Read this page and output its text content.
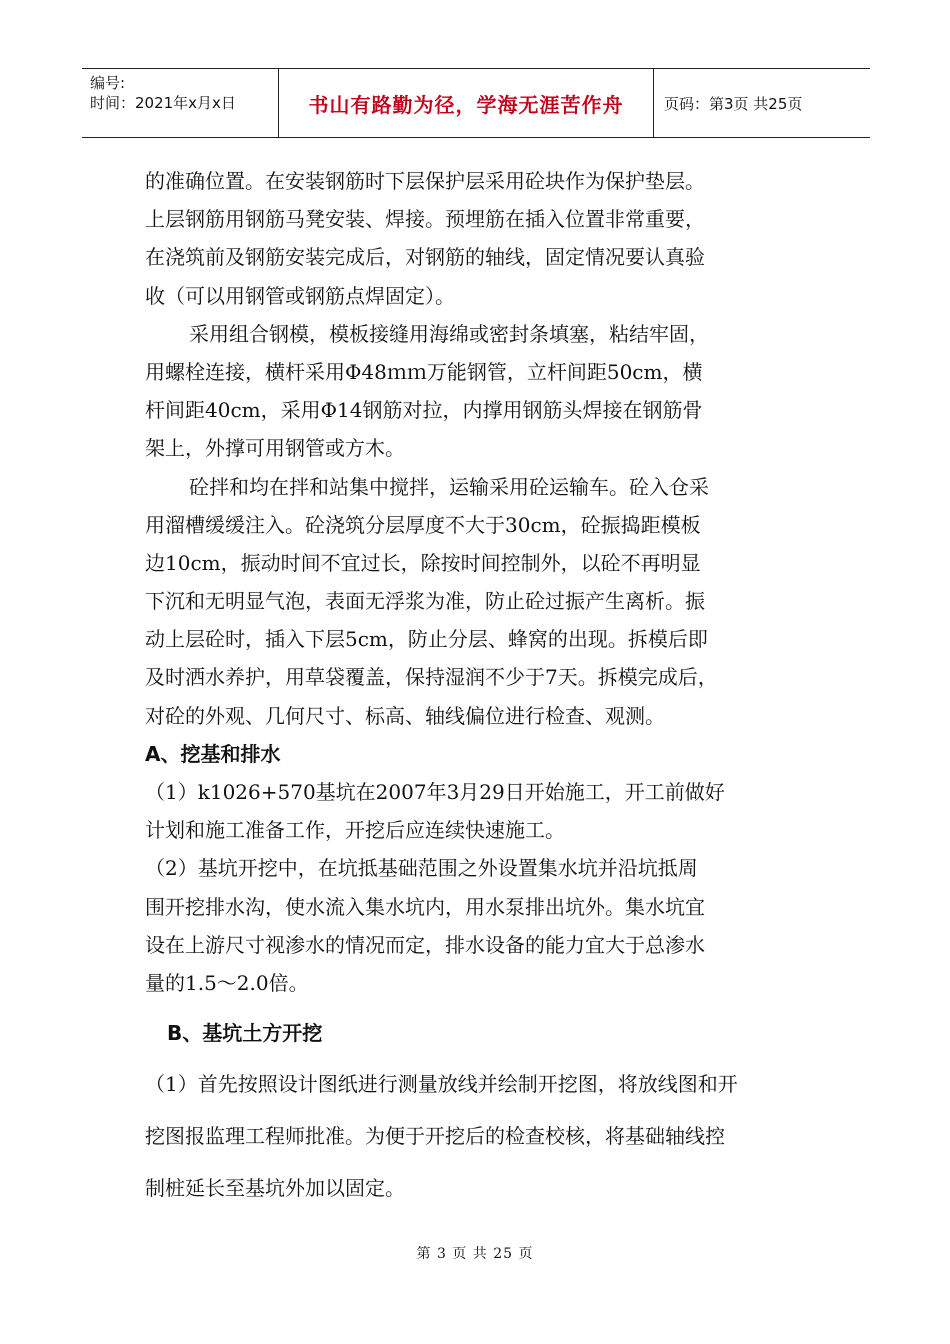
编号:
时间：2021年x月x日	书山有路勤为径，学海无涯苦作舟	页码：第3页 共25页
的准确位置。在安装钢筋时下层保护层采用砼块作为保护垫层。
上层钢筋用钢筋马凳安装、焊接。预埋筋在插入位置非常重要，
在浇筑前及钢筋安装完成后，对钢筋的轴线，固定情况要认真验
收（可以用钢管或钢筋点焊固定）。
采用组合钢模，模板接缝用海绵或密封条填塞，粘结牢固，
用螺栓连接，横杆采用Φ48ｍｍ万能钢管，立杆间距50cm，横
杆间距40cm，采用Φ14钢筋对拉，内撑用钢筋头焊接在钢筋骨
架上，外撑可用钢管或方木。
砼拌和均在拌和站集中搅拌，运输采用砼运输车。砼入仓采
用溜槽缓缓注入。砼浇筑分层厚度不大于30cm，砼振捣距模板
边10cm，振动时间不宜过长，除按时间控制外，以砼不再明显
下沉和无明显气泡，表面无浮浆为准，防止砼过振产生离析。振
动上层砼时，插入下层5cm，防止分层、蜂窝的出现。拆模后即
及时洒水养护，用草袋覆盖，保持湿润不少于7天。拆模完成后，
对砼的外观、几何尺寸、标高、轴线偏位进行检查、观测。
A、挖基和排水
（1）k1026+570基坑在2007年3月29日开始施工，开工前做好
计划和施工准备工作，开挖后应连续快速施工。
（2）基坑开挖中，在坑抵基础范围之外设置集水坑并沿坑抵周
围开挖排水沟，使水流入集水坑内，用水泵排出坑外。集水坑宜
设在上游尺寸视渗水的情况而定，排水设备的能力宜大于总渗水
量的1.5～2.0倍。
B、基坑土方开挖
（1）首先按照设计图纸进行测量放线并绘制开挖图，将放线图和开
挖图报监理工程师批准。为便于开挖后的检查校核，将基础轴线控
制桩延长至基坑外加以固定。
第 3 页 共 25 页
